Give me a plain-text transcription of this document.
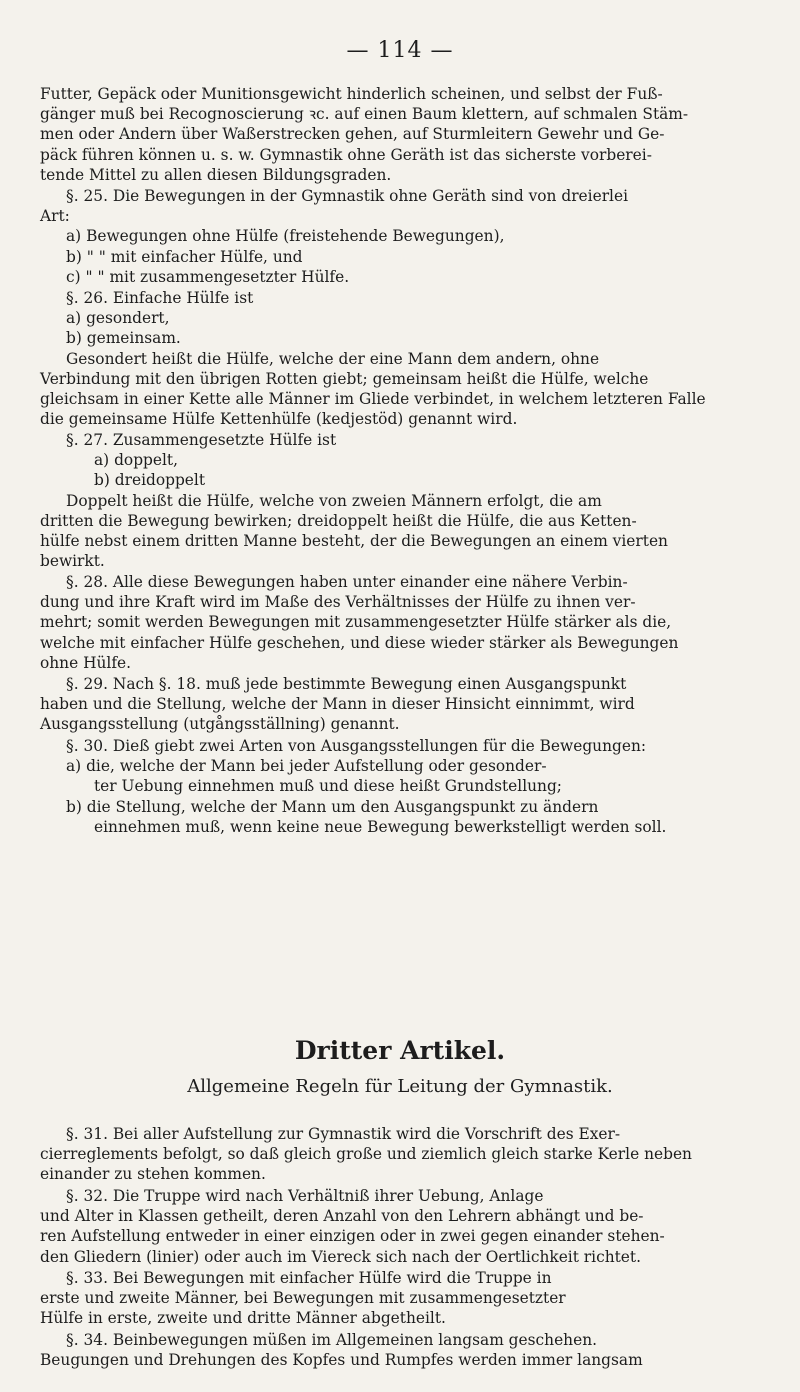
— 114 —

Futter, Gepäck oder Munitionsgewicht hinderlich scheinen, und selbst der Fuß-

gänger muß bei Recognoscierung ꝛc. auf einen Baum klettern, auf schmalen Stäm-

men oder Andern über Waßerstrecken gehen, auf Sturmleitern Gewehr und Ge-

päck führen können u. s. w. Gymnastik ohne Geräth ist das sicherste vorberei-

tende Mittel zu allen diesen Bildungsgraden.

§. 25. Die Bewegungen in der Gymnastik ohne Geräth sind von dreierlei

Art:

a) Bewegungen ohne Hülfe (freistehende Bewegungen),

b) " " mit einfacher Hülfe, und

c) " " mit zusammengesetzter Hülfe.

§. 26. Einfache Hülfe ist

a) gesondert,

b) gemeinsam.

Gesondert heißt die Hülfe, welche der eine Mann dem andern, ohne

Verbindung mit den übrigen Rotten giebt; gemeinsam heißt die Hülfe, welche

gleichsam in einer Kette alle Männer im Gliede verbindet, in welchem letzteren Falle

die gemeinsame Hülfe Kettenhülfe (kedjestöd) genannt wird.

§. 27. Zusammengesetzte Hülfe ist

a) doppelt,

b) dreidoppelt

Doppelt heißt die Hülfe, welche von zweien Männern erfolgt, die am

dritten die Bewegung bewirken; dreidoppelt heißt die Hülfe, die aus Ketten-

hülfe nebst einem dritten Manne besteht, der die Bewegungen an einem vierten

bewirkt.

§. 28. Alle diese Bewegungen haben unter einander eine nähere Verbin-

dung und ihre Kraft wird im Maße des Verhältnisses der Hülfe zu ihnen ver-

mehrt; somit werden Bewegungen mit zusammengesetzter Hülfe stärker als die,

welche mit einfacher Hülfe geschehen, und diese wieder stärker als Bewegungen

ohne Hülfe.

§. 29. Nach §. 18. muß jede bestimmte Bewegung einen Ausgangspunkt

haben und die Stellung, welche der Mann in dieser Hinsicht einnimmt, wird

Ausgangsstellung (utgångsställning) genannt.

§. 30. Dieß giebt zwei Arten von Ausgangsstellungen für die Bewegungen:

a) die, welche der Mann bei jeder Aufstellung oder gesonder-

ter Uebung einnehmen muß und diese heißt Grundstellung;

b) die Stellung, welche der Mann um den Ausgangspunkt zu ändern

einnehmen muß, wenn keine neue Bewegung bewerkstelligt werden soll.

Dritter Artikel.
Allgemeine Regeln für Leitung der Gymnastik.

§. 31. Bei aller Aufstellung zur Gymnastik wird die Vorschrift des Exer-

cierreglements befolgt, so daß gleich große und ziemlich gleich starke Kerle neben

einander zu stehen kommen.

§. 32. Die Truppe wird nach Verhältniß ihrer Uebung, Anlage

und Alter in Klassen getheilt, deren Anzahl von den Lehrern abhängt und be-

ren Aufstellung entweder in einer einzigen oder in zwei gegen einander stehen-

den Gliedern (linier) oder auch im Viereck sich nach der Oertlichkeit richtet.

§. 33. Bei Bewegungen mit einfacher Hülfe wird die Truppe in

erste und zweite Männer, bei Bewegungen mit zusammengesetzter

Hülfe in erste, zweite und dritte Männer abgetheilt.

§. 34. Beinbewegungen müßen im Allgemeinen langsam geschehen.

Beugungen und Drehungen des Kopfes und Rumpfes werden immer langsam
